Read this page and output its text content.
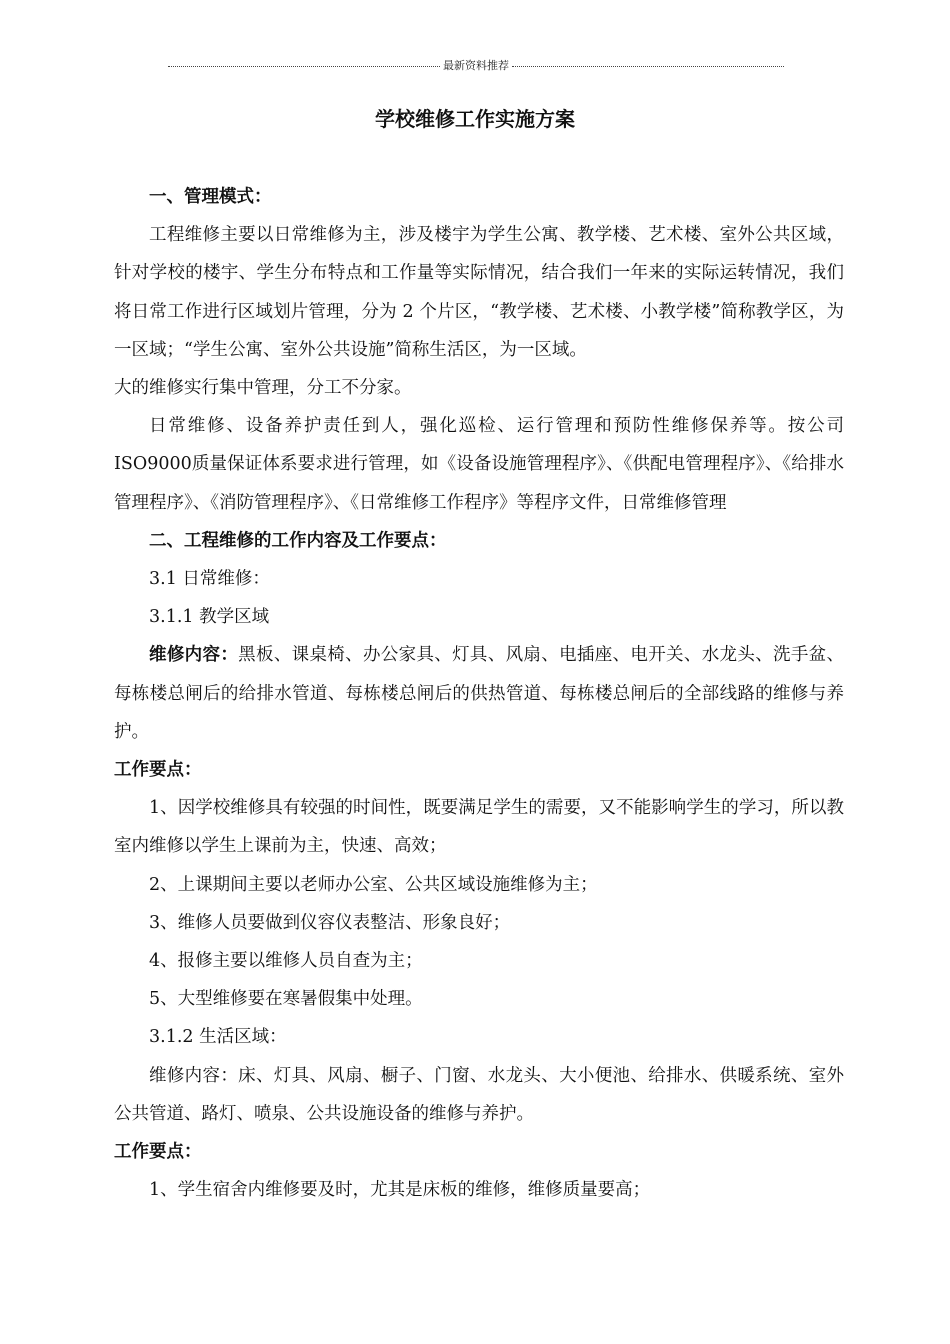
最新资料推荐
学校维修工作实施方案

一、管理模式：

工程维修主要以日常维修为主，涉及楼宇为学生公寓、教学楼、艺术楼、室外公共区域，针对学校的楼宇、学生分布特点和工作量等实际情况，结合我们一年来的实际运转情况，我们将日常工作进行区域划片管理，分为 2 个片区，“教学楼、艺术楼、小教学楼”简称教学区，为一区域；“学生公寓、室外公共设施”简称生活区，为一区域。

大的维修实行集中管理，分工不分家。

日常维修、设备养护责任到人，强化巡检、运行管理和预防性维修保养等。按公司ISO9000质量保证体系要求进行管理，如《设备设施管理程序》、《供配电管理程序》、《给排水管理程序》、《消防管理程序》、《日常维修工作程序》等程序文件，日常维修管理

二、工程维修的工作内容及工作要点：

3.1 日常维修：

3.1.1 教学区域

维修内容：黑板、课桌椅、办公家具、灯具、风扇、电插座、电开关、水龙头、洗手盆、每栋楼总闸后的给排水管道、每栋楼总闸后的供热管道、每栋楼总闸后的全部线路的维修与养护。

工作要点：

1、因学校维修具有较强的时间性，既要满足学生的需要，又不能影响学生的学习，所以教室内维修以学生上课前为主，快速、高效；

2、上课期间主要以老师办公室、公共区域设施维修为主；

3、维修人员要做到仪容仪表整洁、形象良好；

4、报修主要以维修人员自查为主；

5、大型维修要在寒暑假集中处理。

3.1.2 生活区域：

维修内容：床、灯具、风扇、橱子、门窗、水龙头、大小便池、给排水、供暖系统、室外公共管道、路灯、喷泉、公共设施设备的维修与养护。

工作要点：

1、学生宿舍内维修要及时，尤其是床板的维修，维修质量要高；
